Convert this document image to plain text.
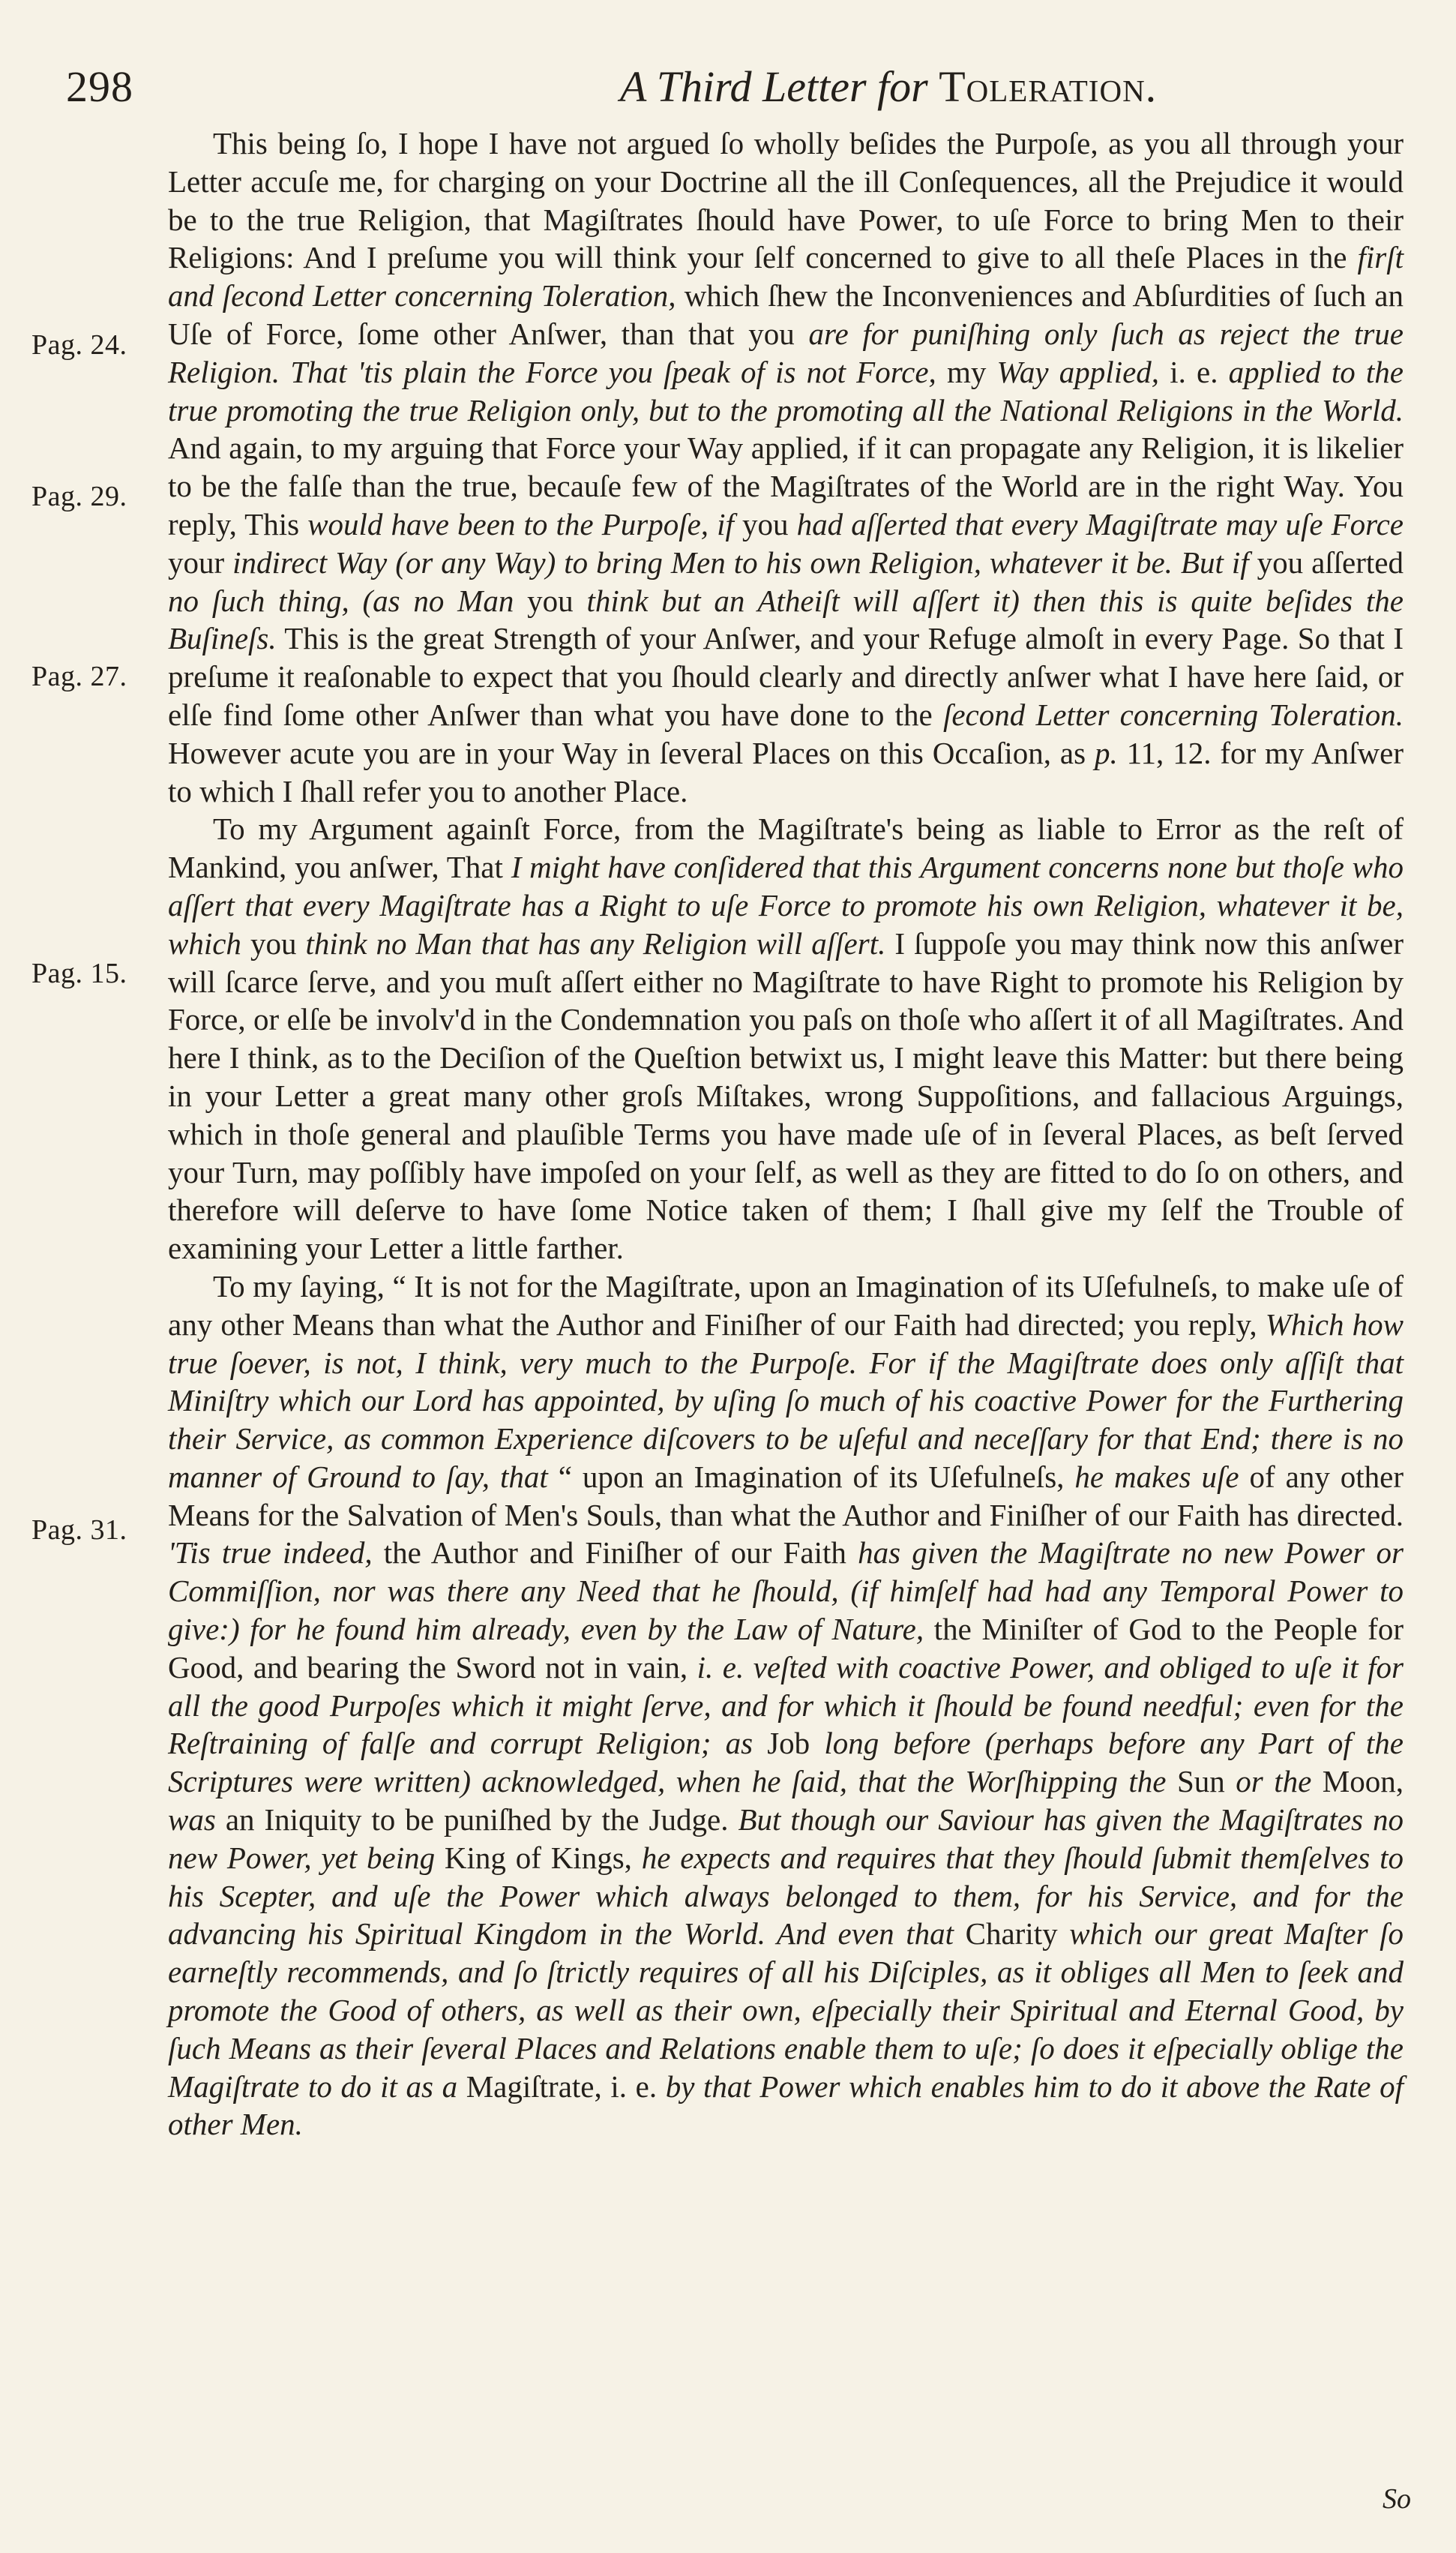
298	A Third Letter for Toleration.
Pag. 24.
Pag. 29.
Pag. 27.
Pag. 15.
Pag. 31.

This being ſo, I hope I have not argued ſo wholly beſides the Purpoſe, as you all through your Letter accuſe me, for charging on your Doctrine all the ill Conſequences, all the Prejudice it would be to the true Religion, that Magiſtrates ſhould have Power, to uſe Force to bring Men to their Religions: And I preſume you will think your ſelf concerned to give to all theſe Places in the firſt and ſecond Letter concerning Toleration, which ſhew the Inconveniences and Abſurdities of ſuch an Uſe of Force, ſome other Anſwer, than that you are for puniſhing only ſuch as reject the true Religion. That 'tis plain the Force you ſpeak of is not Force, my Way applied, i. e. applied to the true promoting the true Religion only, but to the promoting all the National Religions in the World. And again, to my arguing that Force your Way applied, if it can propagate any Religion, it is likelier to be the falſe than the true, becauſe few of the Magiſtrates of the World are in the right Way. You reply, This would have been to the Purpoſe, if you had aſſerted that every Magiſtrate may uſe Force your indirect Way (or any Way) to bring Men to his own Religion, whatever it be. But if you aſſerted no ſuch thing, (as no Man you think but an Atheiſt will aſſert it) then this is quite beſides the Buſineſs. This is the great Strength of your Anſwer, and your Refuge almoſt in every Page. So that I preſume it reaſonable to expect that you ſhould clearly and directly anſwer what I have here ſaid, or elſe find ſome other Anſwer than what you have done to the ſecond Letter concerning Toleration. However acute you are in your Way in ſeveral Places on this Occaſion, as p. 11, 12. for my Anſwer to which I ſhall refer you to another Place.

To my Argument againſt Force, from the Magiſtrate's being as liable to Error as the reſt of Mankind, you anſwer, That I might have conſidered that this Argument concerns none but thoſe who aſſert that every Magiſtrate has a Right to uſe Force to promote his own Religion, whatever it be, which you think no Man that has any Religion will aſſert. I ſuppoſe you may think now this anſwer will ſcarce ſerve, and you muſt aſſert either no Magiſtrate to have Right to promote his Religion by Force, or elſe be involv'd in the Condemnation you paſs on thoſe who aſſert it of all Magiſtrates. And here I think, as to the Deciſion of the Queſtion betwixt us, I might leave this Matter: but there being in your Letter a great many other groſs Miſtakes, wrong Suppoſitions, and fallacious Arguings, which in thoſe general and plauſible Terms you have made uſe of in ſeveral Places, as beſt ſerved your Turn, may poſſibly have impoſed on your ſelf, as well as they are fitted to do ſo on others, and therefore will deſerve to have ſome Notice taken of them; I ſhall give my ſelf the Trouble of examining your Letter a little farther.

To my ſaying, “ It is not for the Magiſtrate, upon an Imagination of its Uſefulneſs, to make uſe of any other Means than what the Author and Finiſher of our Faith had directed; you reply, Which how true ſoever, is not, I think, very much to the Purpoſe. For if the Magiſtrate does only aſſiſt that Miniſtry which our Lord has appointed, by uſing ſo much of his coactive Power for the Furthering their Service, as common Experience diſcovers to be uſeful and neceſſary for that End; there is no manner of Ground to ſay, that “ upon an Imagination of its Uſefulneſs, he makes uſe of any other Means for the Salvation of Men's Souls, than what the Author and Finiſher of our Faith has directed. 'Tis true indeed, the Author and Finiſher of our Faith has given the Magiſtrate no new Power or Commiſſion, nor was there any Need that he ſhould, (if himſelf had had any Temporal Power to give:) for he found him already, even by the Law of Nature, the Miniſter of God to the People for Good, and bearing the Sword not in vain, i. e. veſted with coactive Power, and obliged to uſe it for all the good Purpoſes which it might ſerve, and for which it ſhould be found needful; even for the Reſtraining of falſe and corrupt Religion; as Job long before (perhaps before any Part of the Scriptures were written) acknowledged, when he ſaid, that the Worſhipping the Sun or the Moon, was an Iniquity to be puniſhed by the Judge. But though our Saviour has given the Magiſtrates no new Power, yet being King of Kings, he expects and requires that they ſhould ſubmit themſelves to his Scepter, and uſe the Power which always belonged to them, for his Service, and for the advancing his Spiritual Kingdom in the World. And even that Charity which our great Maſter ſo earneſtly recommends, and ſo ſtrictly requires of all his Diſciples, as it obliges all Men to ſeek and promote the Good of others, as well as their own, eſpecially their Spiritual and Eternal Good, by ſuch Means as their ſeveral Places and Relations enable them to uſe; ſo does it eſpecially oblige the Magiſtrate to do it as a Magiſtrate, i. e. by that Power which enables him to do it above the Rate of other Men.

So
